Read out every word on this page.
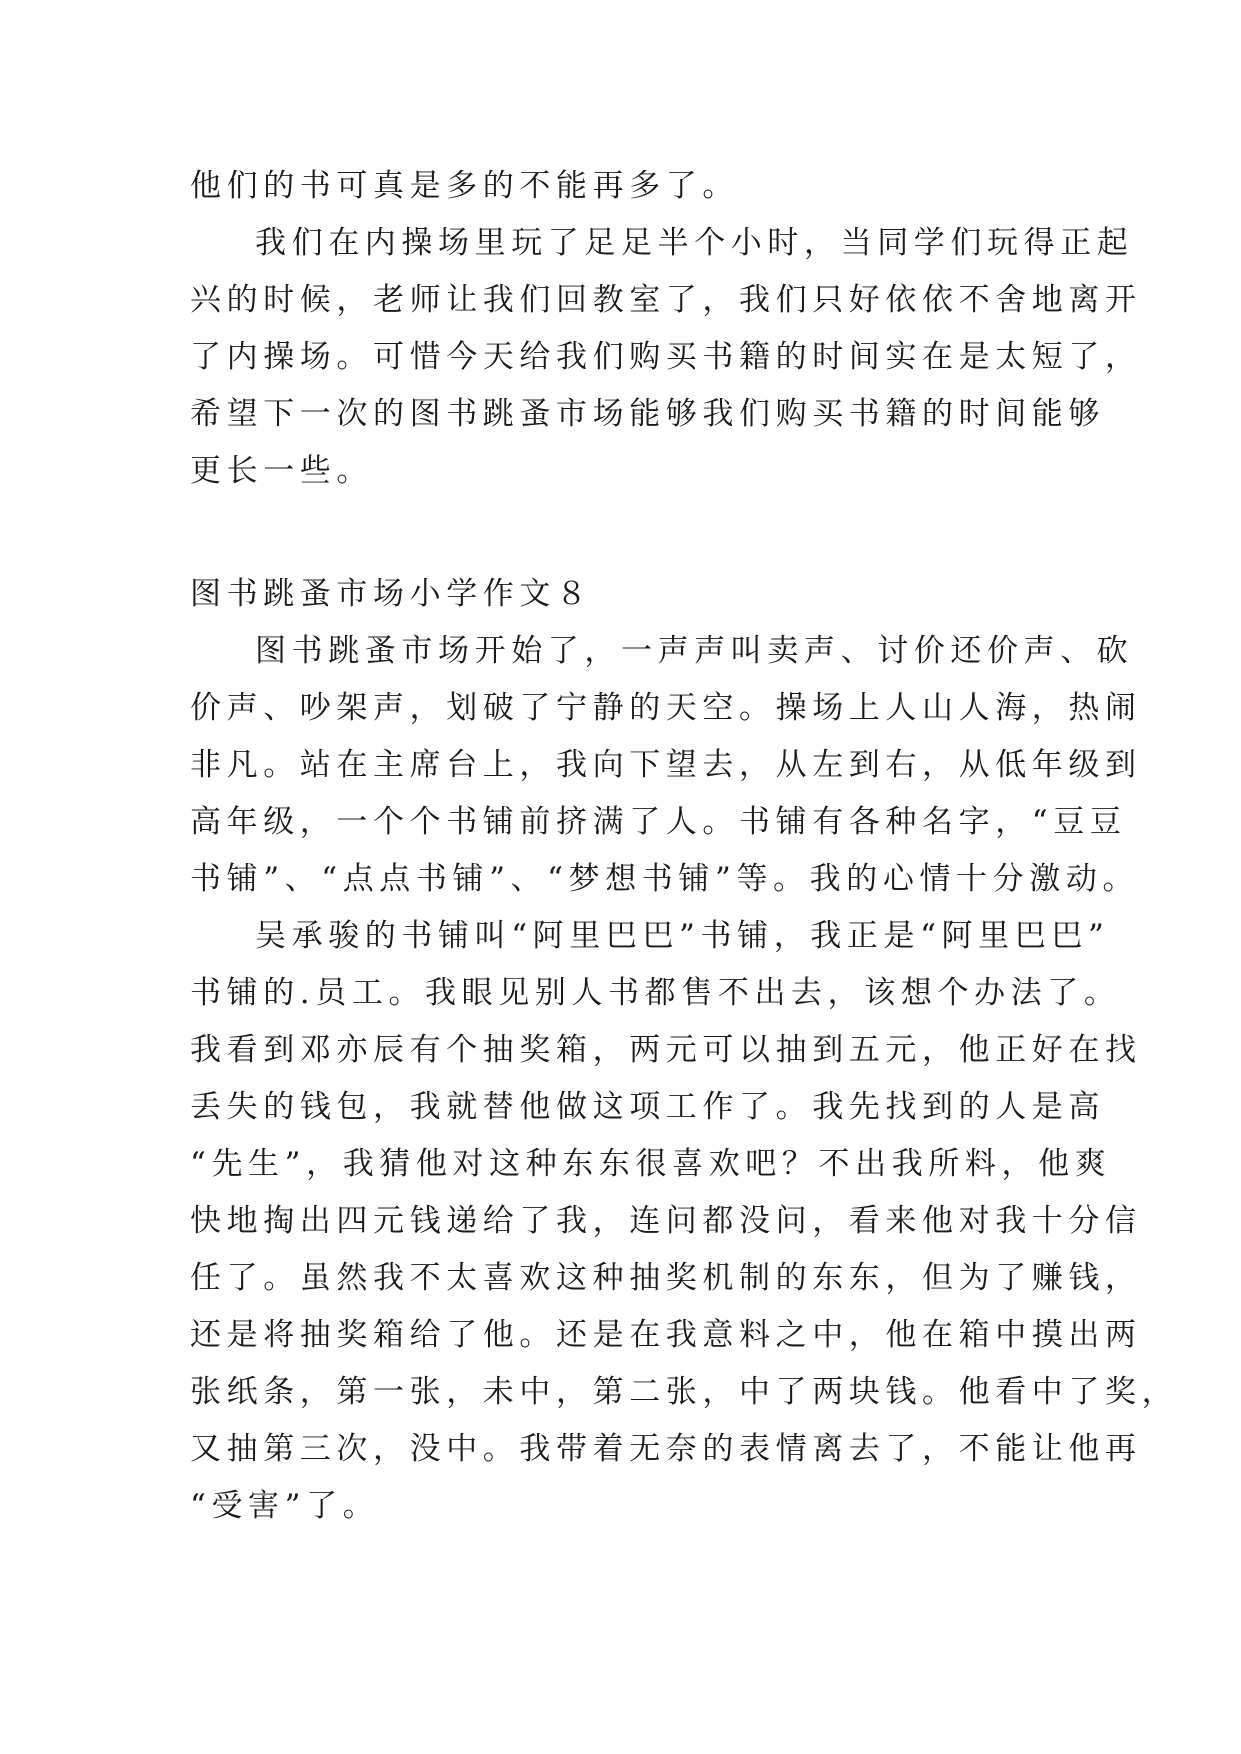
他们的书可真是多的不能再多了。
我们在内操场里玩了足足半个小时，当同学们玩得正起
兴的时候，老师让我们回教室了，我们只好依依不舍地离开
了内操场。可惜今天给我们购买书籍的时间实在是太短了，
希望下一次的图书跳蚤市场能够我们购买书籍的时间能够
更长一些。
图书跳蚤市场小学作文８
图书跳蚤市场开始了，一声声叫卖声、讨价还价声、砍
价声、吵架声，划破了宁静的天空。操场上人山人海，热闹
非凡。站在主席台上，我向下望去，从左到右，从低年级到
高年级，一个个书铺前挤满了人。书铺有各种名字，“豆豆
书铺”、“点点书铺”、“梦想书铺”等。我的心情十分激动。
吴承骏的书铺叫“阿里巴巴”书铺，我正是“阿里巴巴”
书铺的.员工。我眼见别人书都售不出去，该想个办法了。
我看到邓亦辰有个抽奖箱，两元可以抽到五元，他正好在找
丢失的钱包，我就替他做这项工作了。我先找到的人是高
“先生”，我猜他对这种东东很喜欢吧？不出我所料，他爽
快地掏出四元钱递给了我，连问都没问，看来他对我十分信
任了。虽然我不太喜欢这种抽奖机制的东东，但为了赚钱，
还是将抽奖箱给了他。还是在我意料之中，他在箱中摸出两
张纸条，第一张，未中，第二张，中了两块钱。他看中了奖，
又抽第三次，没中。我带着无奈的表情离去了，不能让他再
“受害”了。
